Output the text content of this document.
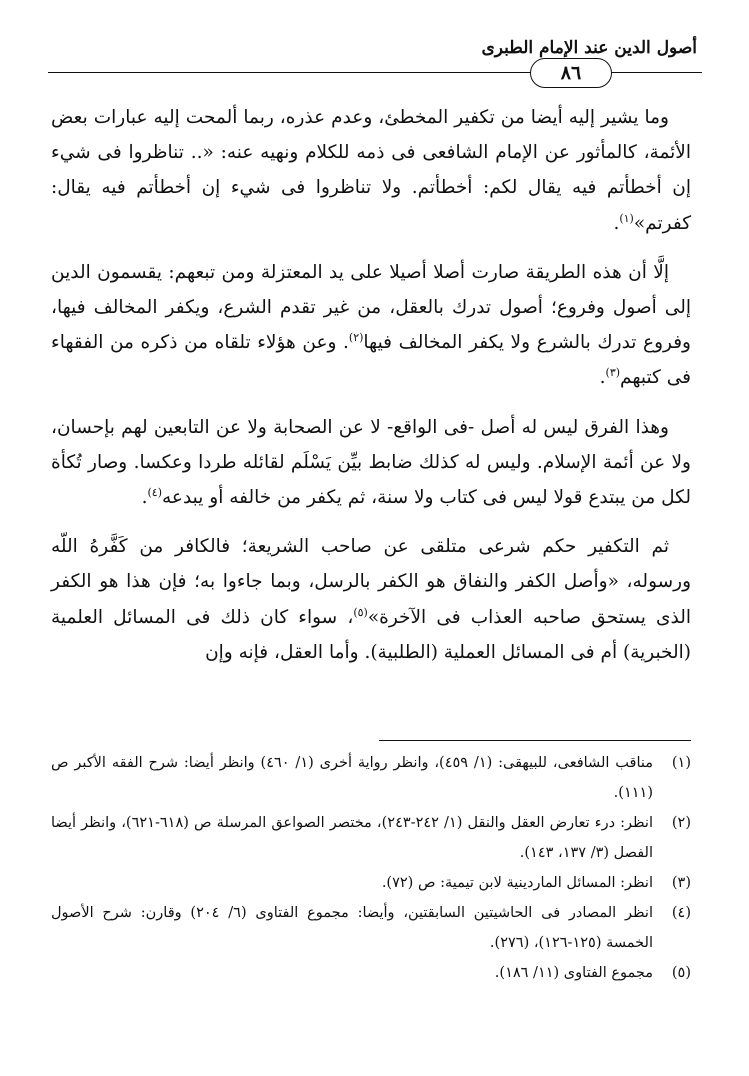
أصول الدين عند الإمام الطبرى
٨٦

وما يشير إليه أيضا من تكفير المخطئ، وعدم عذره، ربما ألمحت إليه عبارات بعض الأئمة، كالمأثور عن الإمام الشافعى فى ذمه للكلام ونهيه عنه: «.. تناظروا فى شيء إن أخطأتم فيه يقال لكم: أخطأتم. ولا تناظروا فى شيء إن أخطأتم فيه يقال: كفرتم»$^{(١)}$.

إلَّا أن هذه الطريقة صارت أصلا أصيلا على يد المعتزلة ومن تبعهم: يقسمون الدين إلى أصول وفروع؛ أصول تدرك بالعقل، من غير تقدم الشرع، ويكفر المخالف فيها، وفروع تدرك بالشرع ولا يكفر المخالف فيها$^{(٢)}$. وعن هؤلاء تلقاه من ذكره من الفقهاء فى كتبهم$^{(٣)}$.

وهذا الفرق ليس له أصل -فى الواقع- لا عن الصحابة ولا عن التابعين لهم بإحسان، ولا عن أئمة الإسلام. وليس له كذلك ضابط بيِّن يَسْلَم لقائله طردا وعكسا. وصار تُكأة لكل من يبتدع قولا ليس فى كتاب ولا سنة، ثم يكفر من خالفه أو يبدعه$^{(٤)}$.

ثم التكفير حكم شرعى متلقى عن صاحب الشريعة؛ فالكافر من كَفَّرهُ اللّه ورسوله، «وأصل الكفر والنفاق هو الكفر بالرسل، وبما جاءوا به؛ فإن هذا هو الكفر الذى يستحق صاحبه العذاب فى الآخرة»$^{(٥)}$، سواء كان ذلك فى المسائل العلمية (الخبرية) أم فى المسائل العملية (الطلبية). وأما العقل، فإنه وإن

(١)
مناقب الشافعى، للبيهقى: (١/ ٤٥٩)، وانظر رواية أخرى (١/ ٤٦٠) وانظر أيضا: شرح الفقه الأكبر ص (١١١).
(٢)
انظر: درء تعارض العقل والنقل (١/ ٢٤٢-٢٤٣)، مختصر الصواعق المرسلة ص (٦١٨-٦٢١)، وانظر أيضا الفصل (٣/ ١٣٧، ١٤٣).
(٣)
انظر: المسائل الماردينية لابن تيمية: ص (٧٢).
(٤)
انظر المصادر فى الحاشيتين السابقتين، وأيضا: مجموع الفتاوى (٦/ ٢٠٤) وقارن: شرح الأصول الخمسة (١٢٥-١٢٦)، (٢٧٦).
(٥)
مجموع الفتاوى (١١/ ١٨٦).
